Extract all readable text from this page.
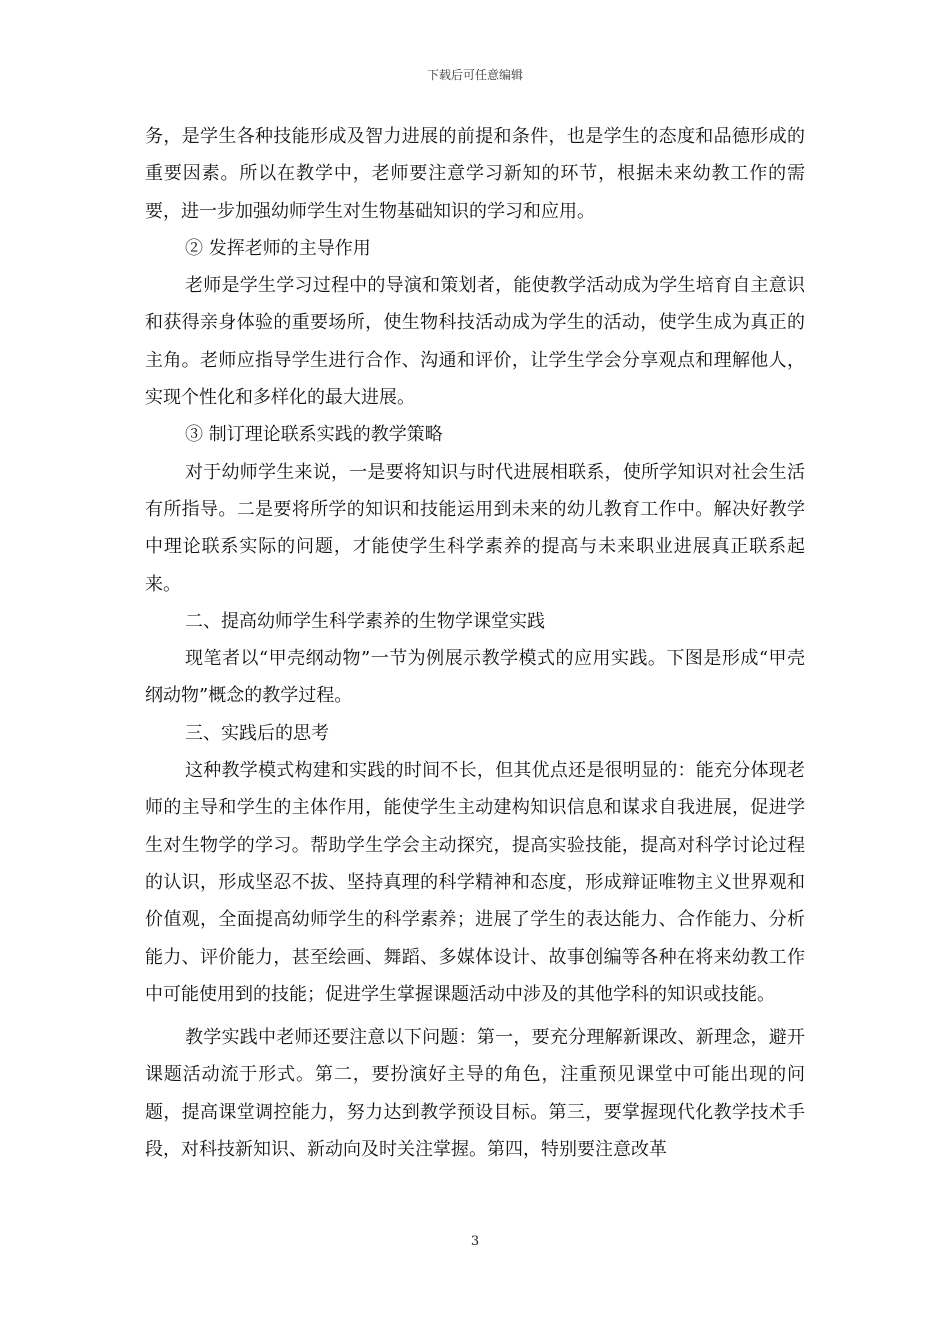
下载后可任意编辑

务，是学生各种技能形成及智力进展的前提和条件，也是学生的态度和品德形成的重要因素。所以在教学中，老师要注意学习新知的环节，根据未来幼教工作的需要，进一步加强幼师学生对生物基础知识的学习和应用。

② 发挥老师的主导作用

老师是学生学习过程中的导演和策划者，能使教学活动成为学生培育自主意识和获得亲身体验的重要场所，使生物科技活动成为学生的活动，使学生成为真正的主角。老师应指导学生进行合作、沟通和评价，让学生学会分享观点和理解他人，实现个性化和多样化的最大进展。

③ 制订理论联系实践的教学策略

对于幼师学生来说，一是要将知识与时代进展相联系，使所学知识对社会生活有所指导。二是要将所学的知识和技能运用到未来的幼儿教育工作中。解决好教学中理论联系实际的问题，才能使学生科学素养的提高与未来职业进展真正联系起来。

二、提高幼师学生科学素养的生物学课堂实践

现笔者以“甲壳纲动物”一节为例展示教学模式的应用实践。下图是形成“甲壳纲动物”概念的教学过程。

三、实践后的思考

这种教学模式构建和实践的时间不长，但其优点还是很明显的：能充分体现老师的主导和学生的主体作用，能使学生主动建构知识信息和谋求自我进展，促进学生对生物学的学习。帮助学生学会主动探究，提高实验技能，提高对科学讨论过程的认识，形成坚忍不拔、坚持真理的科学精神和态度，形成辩证唯物主义世界观和价值观，全面提高幼师学生的科学素养；进展了学生的表达能力、合作能力、分析能力、评价能力，甚至绘画、舞蹈、多媒体设计、故事创编等各种在将来幼教工作中可能使用到的技能；促进学生掌握课题活动中涉及的其他学科的知识或技能。

教学实践中老师还要注意以下问题：第一，要充分理解新课改、新理念，避开课题活动流于形式。第二，要扮演好主导的角色，注重预见课堂中可能出现的问题，提高课堂调控能力，努力达到教学预设目标。第三，要掌握现代化教学技术手段，对科技新知识、新动向及时关注掌握。第四，特别要注意改革

3
